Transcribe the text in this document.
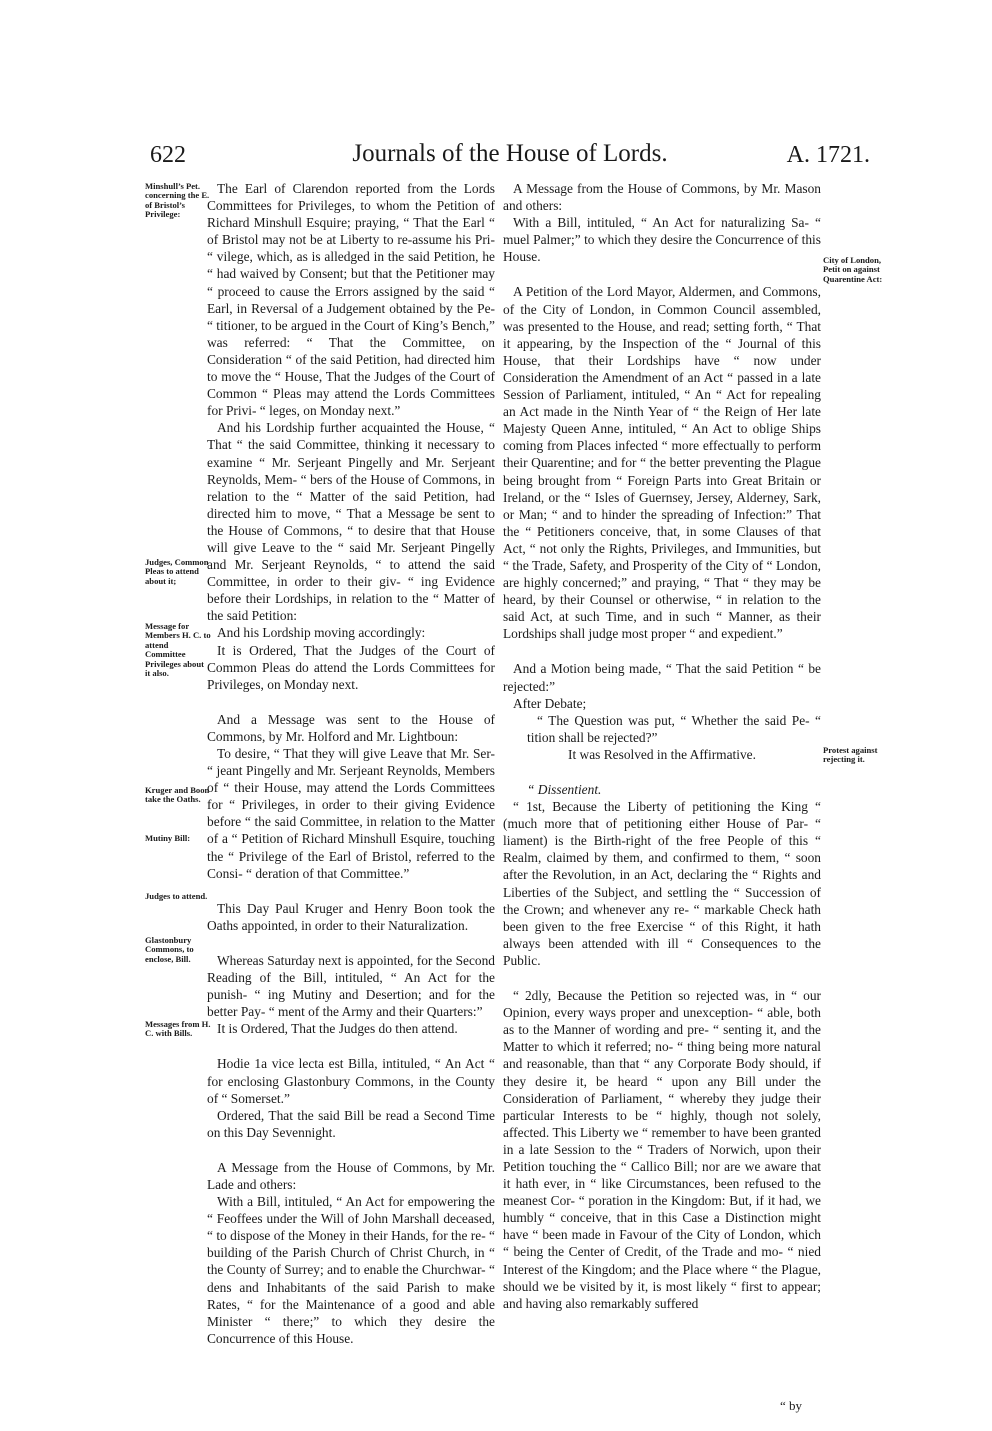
622	Journals of the House of Lords.	A. 1721.
Minshull’s Pet. concerning the E. of Bristol’s Privilege:
Judges, Common Pleas to attend about it;
Message for Members H. C. to attend Committee Privileges about it also.
Kruger and Boon take the Oaths.
Mutiny Bill:
Judges to attend.
Glastonbury Commons, to enclose, Bill.
Messages from H. C. with Bills.
City of London, Petit on against Quarentine Act:
Protest against rejecting it.

The Earl of Clarendon reported from the Lords Committees for Privileges, to whom the Petition of Richard Minshull Esquire; praying, “ That the Earl “ of Bristol may not be at Liberty to re-assume his Pri- “ vilege, which, as is alledged in the said Petition, he “ had waived by Consent; but that the Petitioner may “ proceed to cause the Errors assigned by the said “ Earl, in Reversal of a Judgement obtained by the Pe- “ titioner, to be argued in the Court of King’s Bench,” was referred: “ That the Committee, on Consideration “ of the said Petition, had directed him to move the “ House, That the Judges of the Court of Common “ Pleas may attend the Lords Committees for Privi- “ leges, on Monday next.”

And his Lordship further acquainted the House, “ That “ the said Committee, thinking it necessary to examine “ Mr. Serjeant Pingelly and Mr. Serjeant Reynolds, Mem- “ bers of the House of Commons, in relation to the “ Matter of the said Petition, had directed him to move, “ That a Message be sent to the House of Commons, “ to desire that that House will give Leave to the “ said Mr. Serjeant Pingelly and Mr. Serjeant Reynolds, “ to attend the said Committee, in order to their giv- “ ing Evidence before their Lordships, in relation to the “ Matter of the said Petition:

And his Lordship moving accordingly:

It is Ordered, That the Judges of the Court of Common Pleas do attend the Lords Committees for Privileges, on Monday next.

And a Message was sent to the House of Commons, by Mr. Holford and Mr. Lightboun:

To desire, “ That they will give Leave that Mr. Ser- “ jeant Pingelly and Mr. Serjeant Reynolds, Members of “ their House, may attend the Lords Committees for “ Privileges, in order to their giving Evidence before “ the said Committee, in relation to the Matter of a “ Petition of Richard Minshull Esquire, touching the “ Privilege of the Earl of Bristol, referred to the Consi- “ deration of that Committee.”

This Day Paul Kruger and Henry Boon took the Oaths appointed, in order to their Naturalization.

Whereas Saturday next is appointed, for the Second Reading of the Bill, intituled, “ An Act for the punish- “ ing Mutiny and Desertion; and for the better Pay- “ ment of the Army and their Quarters:”

It is Ordered, That the Judges do then attend.

Hodie 1a vice lecta est Billa, intituled, “ An Act “ for enclosing Glastonbury Commons, in the County of “ Somerset.”

Ordered, That the said Bill be read a Second Time on this Day Sevennight.

A Message from the House of Commons, by Mr. Lade and others:

With a Bill, intituled, “ An Act for empowering the “ Feoffees under the Will of John Marshall deceased, “ to dispose of the Money in their Hands, for the re- “ building of the Parish Church of Christ Church, in “ the County of Surrey; and to enable the Churchwar- “ dens and Inhabitants of the said Parish to make Rates, “ for the Maintenance of a good and able Minister “ there;” to which they desire the Concurrence of this House.

A Message from the House of Commons, by Mr. Mason and others:

With a Bill, intituled, “ An Act for naturalizing Sa- “ muel Palmer;” to which they desire the Concurrence of this House.

A Petition of the Lord Mayor, Aldermen, and Commons, of the City of London, in Common Council assembled, was presented to the House, and read; setting forth, “ That it appearing, by the Inspection of the “ Journal of this House, that their Lordships have “ now under Consideration the Amendment of an Act “ passed in a late Session of Parliament, intituled, “ An “ Act for repealing an Act made in the Ninth Year of “ the Reign of Her late Majesty Queen Anne, intituled, “ An Act to oblige Ships coming from Places infected “ more effectually to perform their Quarentine; and for “ the better preventing the Plague being brought from “ Foreign Parts into Great Britain or Ireland, or the “ Isles of Guernsey, Jersey, Alderney, Sark, or Man; “ and to hinder the spreading of Infection:” That the “ Petitioners conceive, that, in some Clauses of that Act, “ not only the Rights, Privileges, and Immunities, but “ the Trade, Safety, and Prosperity of the City of “ London, are highly concerned;” and praying, “ That “ they may be heard, by their Counsel or otherwise, “ in relation to the said Act, at such Time, and in such “ Manner, as their Lordships shall judge most proper “ and expedient.”

And a Motion being made, “ That the said Petition “ be rejected:”

After Debate;

“ The Question was put, “ Whether the said Pe- “ tition shall be rejected?”

It was Resolved in the Affirmative.

“ Dissentient.

“ 1st, Because the Liberty of petitioning the King “ (much more that of petitioning either House of Par- “ liament) is the Birth-right of the free People of this “ Realm, claimed by them, and confirmed to them, “ soon after the Revolution, in an Act, declaring the “ Rights and Liberties of the Subject, and settling the “ Succession of the Crown; and whenever any re- “ markable Check hath been given to the free Exercise “ of this Right, it hath always been attended with ill “ Consequences to the Public.

“ 2dly, Because the Petition so rejected was, in “ our Opinion, every ways proper and unexception- “ able, both as to the Manner of wording and pre- “ senting it, and the Matter to which it referred; no- “ thing being more natural and reasonable, than that “ any Corporate Body should, if they desire it, be heard “ upon any Bill under the Consideration of Parliament, “ whereby they judge their particular Interests to be “ highly, though not solely, affected. This Liberty we “ remember to have been granted in a late Session to the “ Traders of Norwich, upon their Petition touching the “ Callico Bill; nor are we aware that it hath ever, in “ like Circumstances, been refused to the meanest Cor- “ poration in the Kingdom: But, if it had, we humbly “ conceive, that in this Case a Distinction might have “ been made in Favour of the City of London, which “ being the Center of Credit, of the Trade and mo- “ nied Interest of the Kingdom; and the Place where “ the Plague, should we be visited by it, is most likely “ first to appear; and having also remarkably suffered

“ by
